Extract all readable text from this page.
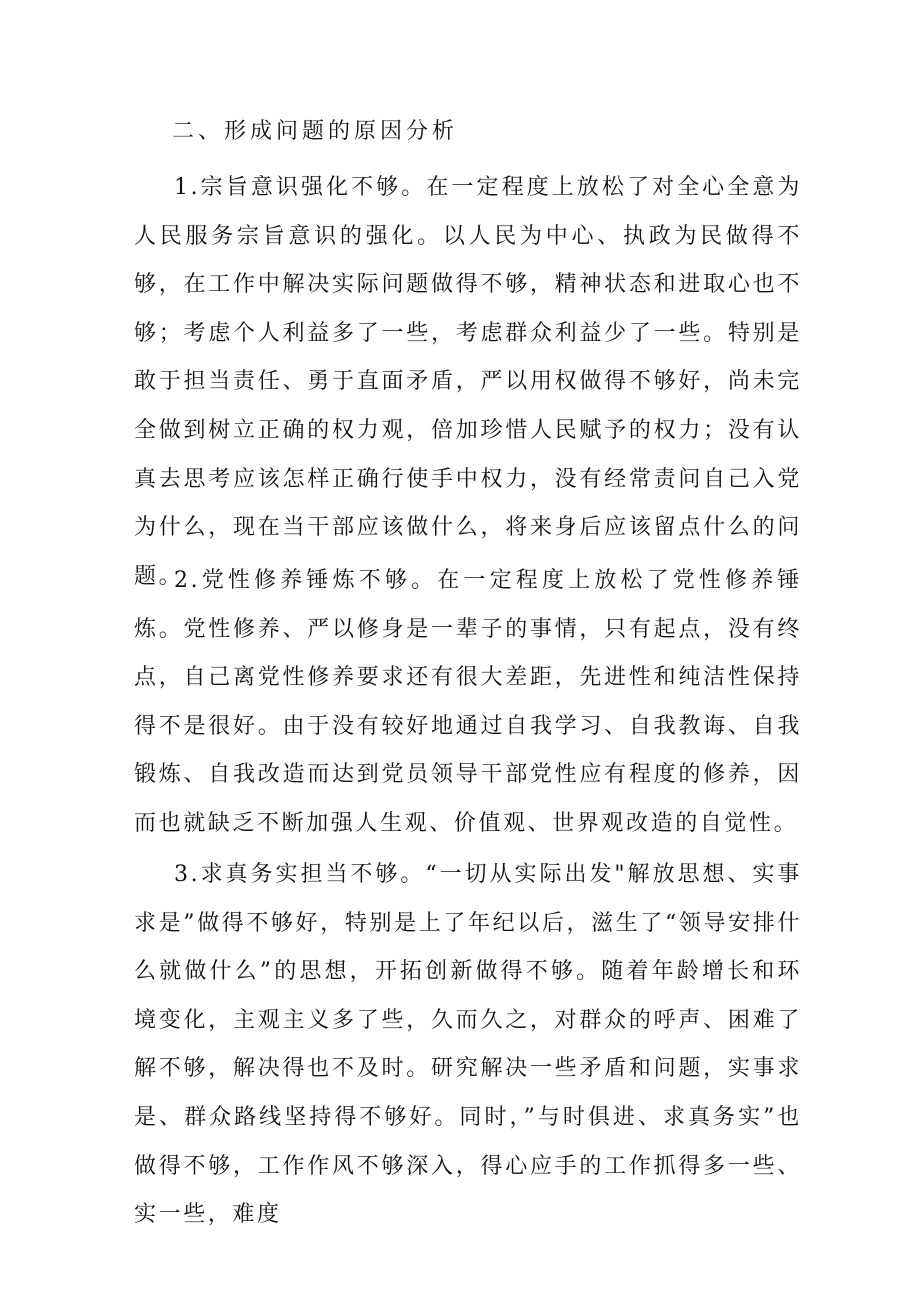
二、形成问题的原因分析

1.宗旨意识强化不够。在一定程度上放松了对全心全意为人民服务宗旨意识的强化。以人民为中心、执政为民做得不够，在工作中解决实际问题做得不够，精神状态和进取心也不够；考虑个人利益多了一些，考虑群众利益少了一些。特别是敢于担当责任、勇于直面矛盾，严以用权做得不够好，尚未完全做到树立正确的权力观，倍加珍惜人民赋予的权力；没有认真去思考应该怎样正确行使手中权力，没有经常责问自己入党为什么，现在当干部应该做什么，将来身后应该留点什么的问题。

2.党性修养锤炼不够。在一定程度上放松了党性修养锤炼。党性修养、严以修身是一辈子的事情，只有起点，没有终点，自己离党性修养要求还有很大差距，先进性和纯洁性保持得不是很好。由于没有较好地通过自我学习、自我教诲、自我锻炼、自我改造而达到党员领导干部党性应有程度的修养，因而也就缺乏不断加强人生观、价值观、世界观改造的自觉性。

3.求真务实担当不够。“一切从实际出发"解放思想、实事求是”做得不够好，特别是上了年纪以后，滋生了“领导安排什么就做什么”的思想，开拓创新做得不够。随着年龄增长和环境变化，主观主义多了些，久而久之，对群众的呼声、困难了解不够，解决得也不及时。研究解决一些矛盾和问题，实事求是、群众路线坚持得不够好。同时，”与时俱进、求真务实”也做得不够，工作作风不够深入，得心应手的工作抓得多一些、实一些，难度
